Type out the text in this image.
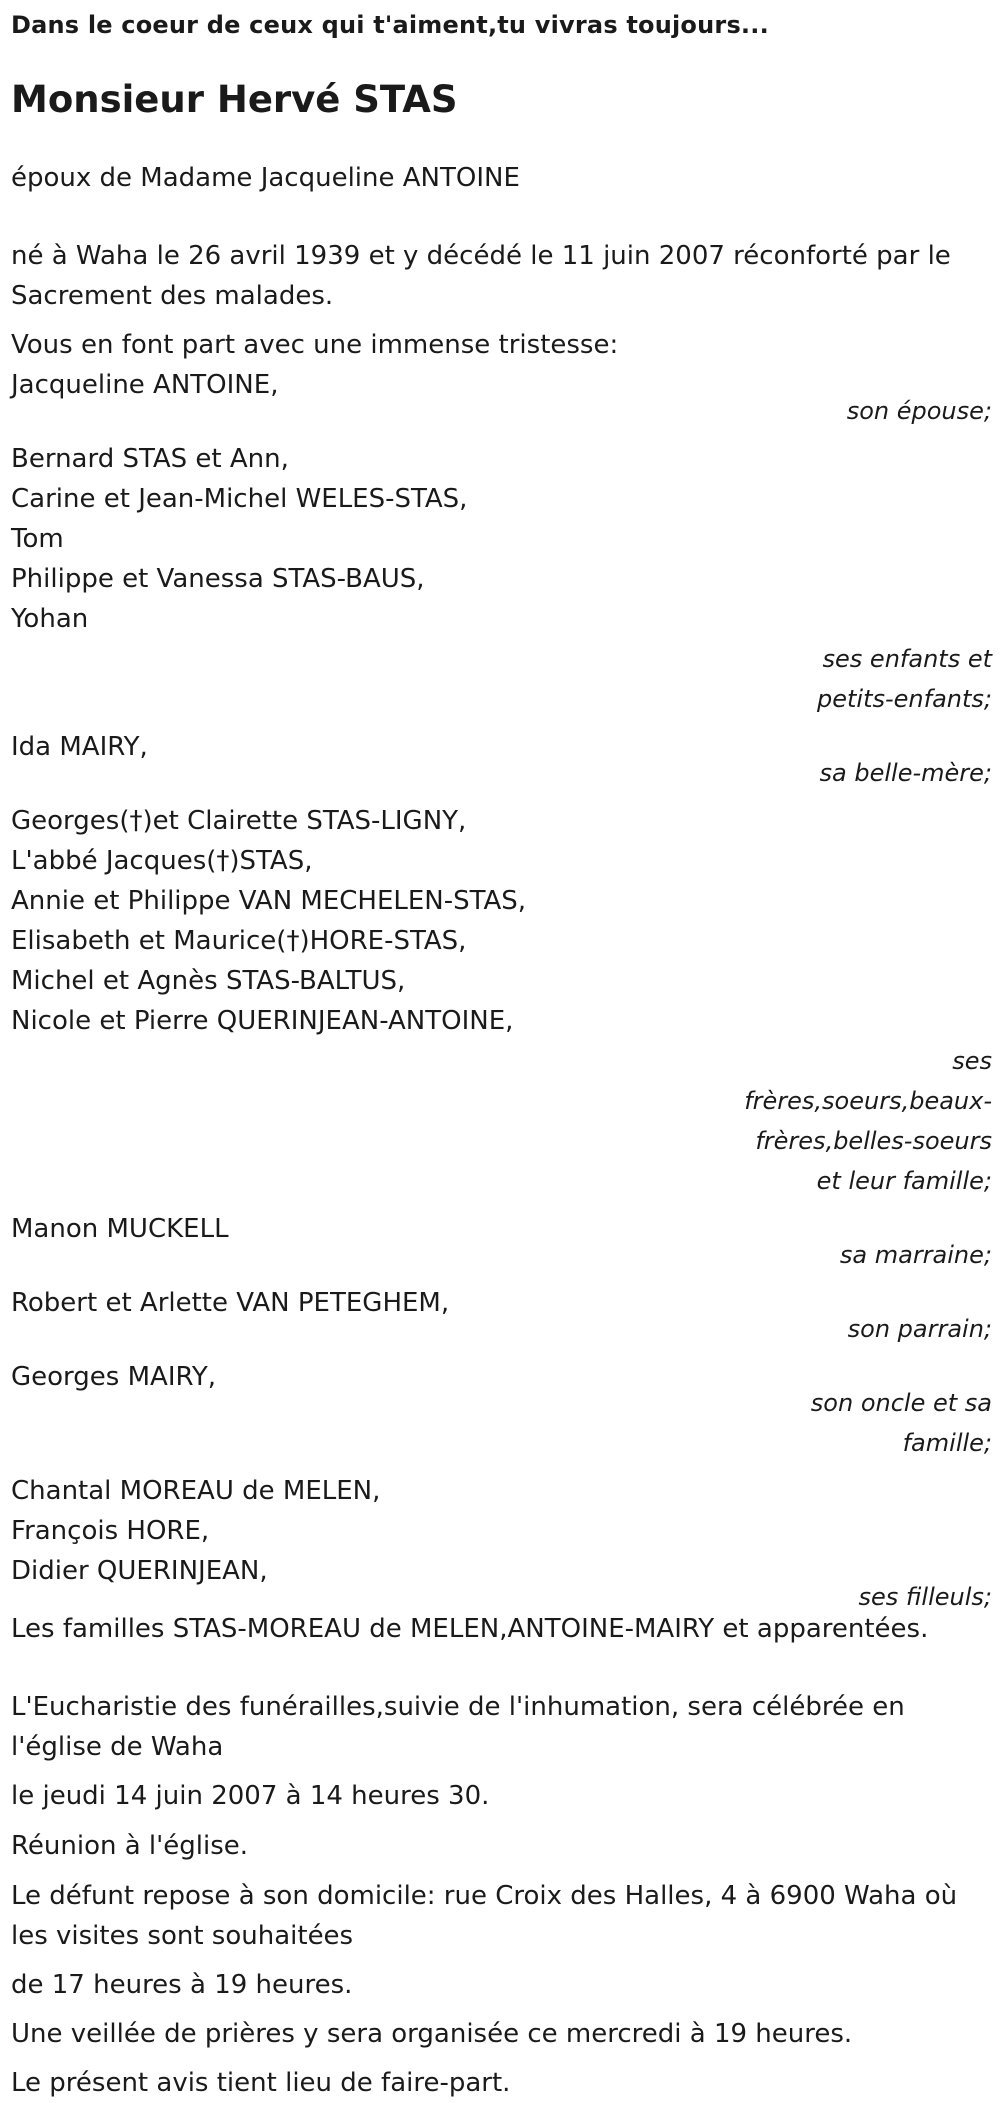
Dans le coeur de ceux qui t'aiment,tu vivras toujours...

Monsieur Hervé STAS

époux de Madame Jacqueline ANTOINE

né à Waha le 26 avril 1939 et y décédé le 11 juin 2007 réconforté par le Sacrement des malades.

Vous en font part avec une immense tristesse:

Jacqueline ANTOINE,

son épouse;

Bernard STAS et Ann,

Carine et Jean-Michel WELES-STAS,

Tom

Philippe et Vanessa STAS-BAUS,

Yohan

ses enfants et

petits-enfants;

Ida MAIRY,

sa belle-mère;

Georges(†)et Clairette STAS-LIGNY,

L'abbé Jacques(†)STAS,

Annie et Philippe VAN MECHELEN-STAS,

Elisabeth et Maurice(†)HORE-STAS,

Michel et Agnès STAS-BALTUS,

Nicole et Pierre QUERINJEAN-ANTOINE,

ses

frères,soeurs,beaux-

frères,belles-soeurs

et leur famille;

Manon MUCKELL

sa marraine;

Robert et Arlette VAN PETEGHEM,

son parrain;

Georges MAIRY,

son oncle et sa

famille;

Chantal MOREAU de MELEN,

François HORE,

Didier QUERINJEAN,

ses filleuls;

Les familles STAS-MOREAU de MELEN,ANTOINE-MAIRY et apparentées.

L'Eucharistie des funérailles,suivie de l'inhumation, sera célébrée en l'église de Waha

le jeudi 14 juin 2007 à 14 heures 30.

Réunion à l'église.

Le défunt repose à son domicile: rue Croix des Halles, 4 à 6900 Waha où les visites sont souhaitées

de 17 heures à 19 heures.

Une veillée de prières y sera organisée ce mercredi à 19 heures.

Le présent avis tient lieu de faire-part.
